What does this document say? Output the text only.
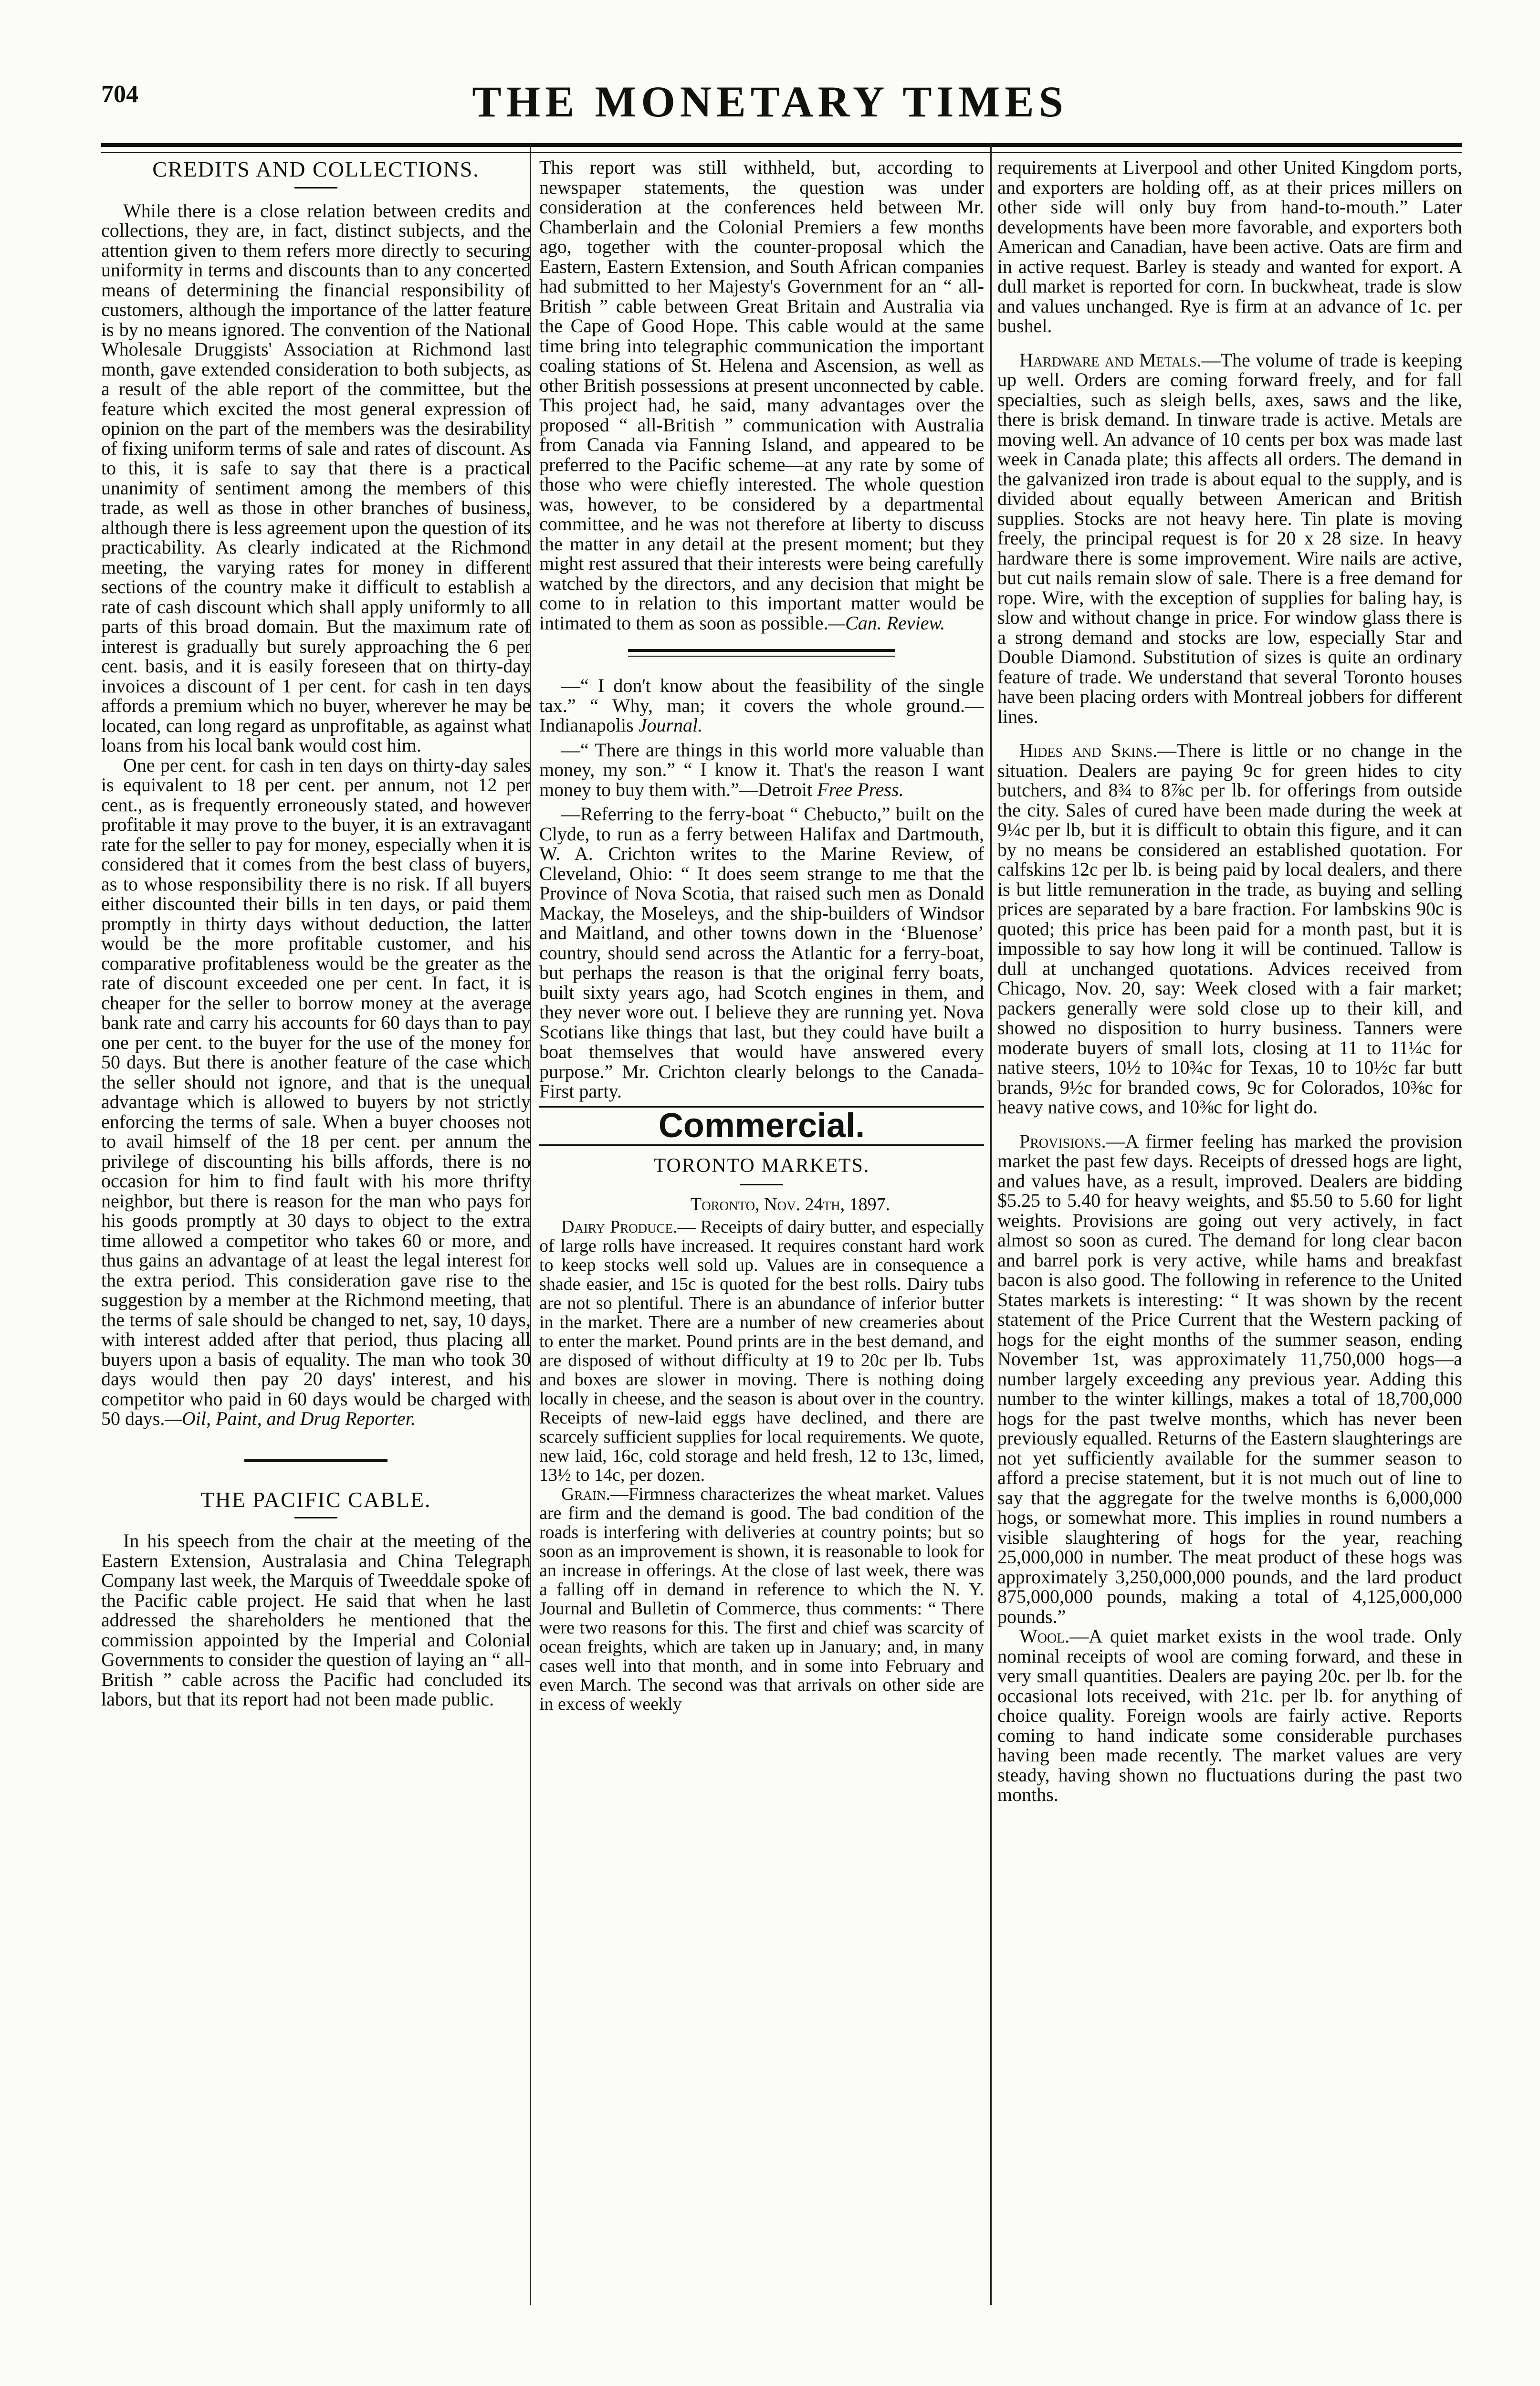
704	THE MONETARY TIMES
CREDITS AND COLLECTIONS.

While there is a close relation between credits and collections, they are, in fact, distinct subjects, and the attention given to them refers more directly to securing uniformity in terms and discounts than to any concerted means of determining the financial responsibility of customers, although the importance of the latter feature is by no means ignored. The convention of the National Wholesale Druggists' Association at Richmond last month, gave extended consideration to both subjects, as a result of the able report of the committee, but the feature which excited the most general expression of opinion on the part of the members was the desirability of fixing uniform terms of sale and rates of discount. As to this, it is safe to say that there is a practical unanimity of sentiment among the members of this trade, as well as those in other branches of business, although there is less agreement upon the question of its practicability. As clearly indicated at the Richmond meeting, the varying rates for money in different sections of the country make it difficult to establish a rate of cash discount which shall apply uniformly to all parts of this broad domain. But the maximum rate of interest is gradually but surely approaching the 6 per cent. basis, and it is easily foreseen that on thirty-day invoices a discount of 1 per cent. for cash in ten days affords a premium which no buyer, wherever he may be located, can long regard as unprofitable, as against what loans from his local bank would cost him.

One per cent. for cash in ten days on thirty-day sales is equivalent to 18 per cent. per annum, not 12 per cent., as is frequently erroneously stated, and however profitable it may prove to the buyer, it is an extravagant rate for the seller to pay for money, especially when it is considered that it comes from the best class of buyers, as to whose responsibility there is no risk. If all buyers either discounted their bills in ten days, or paid them promptly in thirty days without deduction, the latter would be the more profitable customer, and his comparative profitableness would be the greater as the rate of discount exceeded one per cent. In fact, it is cheaper for the seller to borrow money at the average bank rate and carry his accounts for 60 days than to pay one per cent. to the buyer for the use of the money for 50 days. But there is another feature of the case which the seller should not ignore, and that is the unequal advantage which is allowed to buyers by not strictly enforcing the terms of sale. When a buyer chooses not to avail himself of the 18 per cent. per annum the privilege of discounting his bills affords, there is no occasion for him to find fault with his more thrifty neighbor, but there is reason for the man who pays for his goods promptly at 30 days to object to the extra time allowed a competitor who takes 60 or more, and thus gains an advantage of at least the legal interest for the extra period. This consideration gave rise to the suggestion by a member at the Richmond meeting, that the terms of sale should be changed to net, say, 10 days, with interest added after that period, thus placing all buyers upon a basis of equality. The man who took 30 days would then pay 20 days' interest, and his competitor who paid in 60 days would be charged with 50 days.—Oil, Paint, and Drug Reporter.

THE PACIFIC CABLE.

In his speech from the chair at the meeting of the Eastern Extension, Australasia and China Telegraph Company last week, the Marquis of Tweeddale spoke of the Pacific cable project. He said that when he last addressed the shareholders he mentioned that the commission appointed by the Imperial and Colonial Governments to consider the question of laying an “ all-British ” cable across the Pacific had concluded its labors, but that its report had not been made public.

This report was still withheld, but, according to newspaper statements, the question was under consideration at the conferences held between Mr. Chamberlain and the Colonial Premiers a few months ago, together with the counter-proposal which the Eastern, Eastern Extension, and South African companies had submitted to her Majesty's Government for an “ all-British ” cable between Great Britain and Australia via the Cape of Good Hope. This cable would at the same time bring into telegraphic communication the important coaling stations of St. Helena and Ascension, as well as other British possessions at present unconnected by cable. This project had, he said, many advantages over the proposed “ all-British ” communication with Australia from Canada via Fanning Island, and appeared to be preferred to the Pacific scheme—at any rate by some of those who were chiefly interested. The whole question was, however, to be considered by a departmental committee, and he was not therefore at liberty to discuss the matter in any detail at the present moment; but they might rest assured that their interests were being carefully watched by the directors, and any decision that might be come to in relation to this important matter would be intimated to them as soon as possible.—Can. Review.

—“ I don't know about the feasibility of the single tax.” “ Why, man; it covers the whole ground.—Indianapolis Journal.

—“ There are things in this world more valuable than money, my son.” “ I know it. That's the reason I want money to buy them with.”—Detroit Free Press.

—Referring to the ferry-boat “ Chebucto,” built on the Clyde, to run as a ferry between Halifax and Dartmouth, W. A. Crichton writes to the Marine Review, of Cleveland, Ohio: “ It does seem strange to me that the Province of Nova Scotia, that raised such men as Donald Mackay, the Moseleys, and the ship-builders of Windsor and Maitland, and other towns down in the ‘Bluenose’ country, should send across the Atlantic for a ferry-boat, but perhaps the reason is that the original ferry boats, built sixty years ago, had Scotch engines in them, and they never wore out. I believe they are running yet. Nova Scotians like things that last, but they could have built a boat themselves that would have answered every purpose.” Mr. Crichton clearly belongs to the Canada-First party.

Commercial.
TORONTO MARKETS.
Toronto, Nov. 24th, 1897.

Dairy Produce.— Receipts of dairy butter, and especially of large rolls have increased. It requires constant hard work to keep stocks well sold up. Values are in consequence a shade easier, and 15c is quoted for the best rolls. Dairy tubs are not so plentiful. There is an abundance of inferior butter in the market. There are a number of new creameries about to enter the market. Pound prints are in the best demand, and are disposed of without difficulty at 19 to 20c per lb. Tubs and boxes are slower in moving. There is nothing doing locally in cheese, and the season is about over in the country. Receipts of new-laid eggs have declined, and there are scarcely sufficient supplies for local requirements. We quote, new laid, 16c, cold storage and held fresh, 12 to 13c, limed, 13½ to 14c, per dozen.

Grain.—Firmness characterizes the wheat market. Values are firm and the demand is good. The bad condition of the roads is interfering with deliveries at country points; but so soon as an improvement is shown, it is reasonable to look for an increase in offerings. At the close of last week, there was a falling off in demand in reference to which the N. Y. Journal and Bulletin of Commerce, thus comments: “ There were two reasons for this. The first and chief was scarcity of ocean freights, which are taken up in January; and, in many cases well into that month, and in some into February and even March. The second was that arrivals on other side are in excess of weekly

requirements at Liverpool and other United Kingdom ports, and exporters are holding off, as at their prices millers on other side will only buy from hand-to-mouth.” Later developments have been more favorable, and exporters both American and Canadian, have been active. Oats are firm and in active request. Barley is steady and wanted for export. A dull market is reported for corn. In buckwheat, trade is slow and values unchanged. Rye is firm at an advance of 1c. per bushel.

Hardware and Metals.—The volume of trade is keeping up well. Orders are coming forward freely, and for fall specialties, such as sleigh bells, axes, saws and the like, there is brisk demand. In tinware trade is active. Metals are moving well. An advance of 10 cents per box was made last week in Canada plate; this affects all orders. The demand in the galvanized iron trade is about equal to the supply, and is divided about equally between American and British supplies. Stocks are not heavy here. Tin plate is moving freely, the principal request is for 20 x 28 size. In heavy hardware there is some improvement. Wire nails are active, but cut nails remain slow of sale. There is a free demand for rope. Wire, with the exception of supplies for baling hay, is slow and without change in price. For window glass there is a strong demand and stocks are low, especially Star and Double Diamond. Substitution of sizes is quite an ordinary feature of trade. We understand that several Toronto houses have been placing orders with Montreal jobbers for different lines.

Hides and Skins.—There is little or no change in the situation. Dealers are paying 9c for green hides to city butchers, and 8¾ to 8⅞c per lb. for offerings from outside the city. Sales of cured have been made during the week at 9¼c per lb, but it is difficult to obtain this figure, and it can by no means be considered an established quotation. For calfskins 12c per lb. is being paid by local dealers, and there is but little remuneration in the trade, as buying and selling prices are separated by a bare fraction. For lambskins 90c is quoted; this price has been paid for a month past, but it is impossible to say how long it will be continued. Tallow is dull at unchanged quotations. Advices received from Chicago, Nov. 20, say: Week closed with a fair market; packers generally were sold close up to their kill, and showed no disposition to hurry business. Tanners were moderate buyers of small lots, closing at 11 to 11¼c for native steers, 10½ to 10¾c for Texas, 10 to 10½c far butt brands, 9½c for branded cows, 9c for Colorados, 10⅜c for heavy native cows, and 10⅜c for light do.

Provisions.—A firmer feeling has marked the provision market the past few days. Receipts of dressed hogs are light, and values have, as a result, improved. Dealers are bidding $5.25 to 5.40 for heavy weights, and $5.50 to 5.60 for light weights. Provisions are going out very actively, in fact almost so soon as cured. The demand for long clear bacon and barrel pork is very active, while hams and breakfast bacon is also good. The following in reference to the United States markets is interesting: “ It was shown by the recent statement of the Price Current that the Western packing of hogs for the eight months of the summer season, ending November 1st, was approximately 11,750,000 hogs—a number largely exceeding any previous year. Adding this number to the winter killings, makes a total of 18,700,000 hogs for the past twelve months, which has never been previously equalled. Returns of the Eastern slaughterings are not yet sufficiently available for the summer season to afford a precise statement, but it is not much out of line to say that the aggregate for the twelve months is 6,000,000 hogs, or somewhat more. This implies in round numbers a visible slaughtering of hogs for the year, reaching 25,000,000 in number. The meat product of these hogs was approximately 3,250,000,000 pounds, and the lard product 875,000,000 pounds, making a total of 4,125,000,000 pounds.”

Wool.—A quiet market exists in the wool trade. Only nominal receipts of wool are coming forward, and these in very small quantities. Dealers are paying 20c. per lb. for the occasional lots received, with 21c. per lb. for anything of choice quality. Foreign wools are fairly active. Reports coming to hand indicate some considerable purchases having been made recently. The market values are very steady, having shown no fluctuations during the past two months.
